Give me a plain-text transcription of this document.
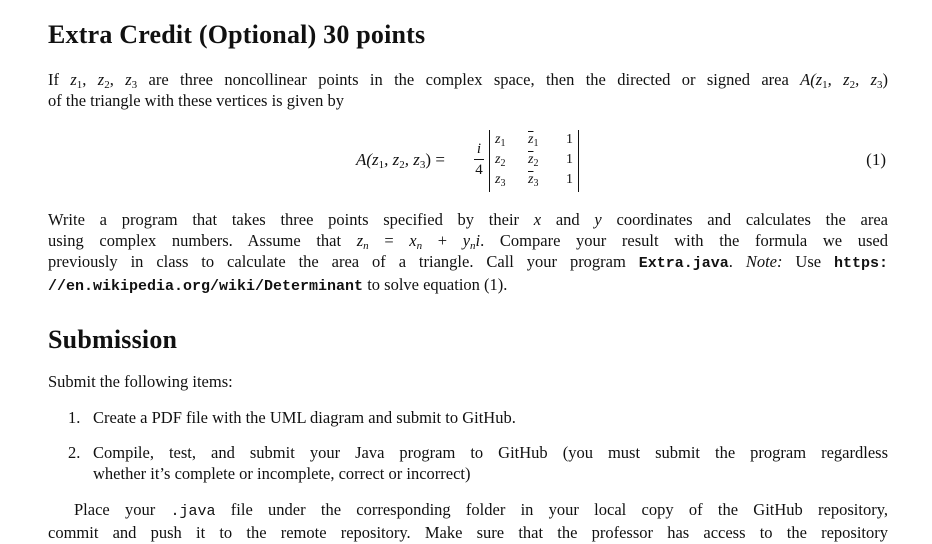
Extra Credit (Optional) 30 points
If $z_1$, $z_2$, $z_3$ are three noncollinear points in the complex space, then the directed or signed area $A(z_1$, $z_2$, $z_3$)
of the triangle with these vertices is given by
$A(z_1$, $z_2$, $z_3$) =
i
4
$z_1$ $\overline{z}_1$ 1
$z_2$ $\overline{z}_2$ 1
$z_3$ $\overline{z}_3$ 1
(1)
Write a program that takes three points specified by their x and y coordinates and calculates the area
using complex numbers. Assume that $z_n = x_n + y_ni$. Compare your result with the formula we used
previously in class to calculate the area of a triangle. Call your program Extra.java. Note: Use https:
//en.wikipedia.org/wiki/Determinant to solve equation (1).
Submission
Submit the following items:
1. Create a PDF file with the UML diagram and submit to GitHub.
2. Compile, test, and submit your Java program to GitHub (you must submit the program regardless
whether it’s complete or incomplete, correct or incorrect)
Place your .java file under the corresponding folder in your local copy of the GitHub repository,
commit and push it to the remote repository. Make sure that the professor has access to the repository
